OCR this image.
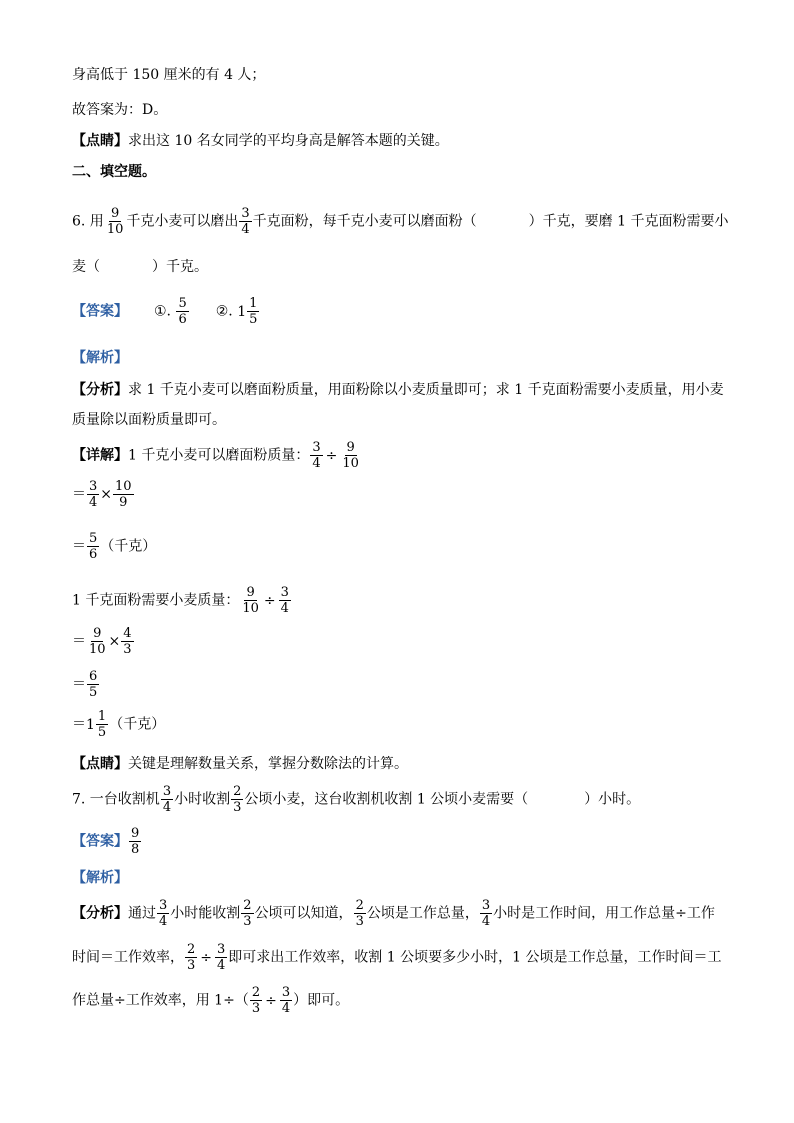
身高低于 150 厘米的有 4 人；
故答案为：D。
【点睛】求出这 10 名女同学的平均身高是解答本题的关键。
二、填空题。
6. 用 $\frac{9}{10}$ 千克小麦可以磨出 $\frac{3}{4}$ 千克面粉，每千克小麦可以磨面粉（	）千克，要磨 1 千克面粉需要小
麦（	）千克。
【答案】 ①. $\frac{5}{6}$ ②. $1 \frac{1}{5}$
【解析】
【分析】求 1 千克小麦可以磨面粉质量，用面粉除以小麦质量即可；求 1 千克面粉需要小麦质量，用小麦
质量除以面粉质量即可。
【详解】1 千克小麦可以磨面粉质量： $\frac{3}{4} \div \frac{9}{10}$
＝ $\frac{3}{4} \times \frac{10}{9}$
＝ $\frac{5}{6}$ （千克）
1 千克面粉需要小麦质量： $\frac{9}{10} \div \frac{3}{4}$
＝ $\frac{9}{10} \times \frac{4}{3}$
＝ $\frac{6}{5}$
＝ $1 \frac{1}{5}$ （千克）
【点睛】关键是理解数量关系，掌握分数除法的计算。
7. 一台收割机 $\frac{3}{4}$ 小时收割 $\frac{2}{3}$ 公顷小麦，这台收割机收割 1 公顷小麦需要（	）小时。
【答案】 $\frac{9}{8}$
【解析】
【分析】通过 $\frac{3}{4}$ 小时能收割 $\frac{2}{3}$ 公顷可以知道， $\frac{2}{3}$ 公顷是工作总量， $\frac{3}{4}$ 小时是工作时间，用工作总量÷工作
时间＝工作效率， $\frac{2}{3} \div \frac{3}{4}$ 即可求出工作效率，收割 1 公顷要多少小时，1 公顷是工作总量，工作时间＝工
作总量÷工作效率，用 $1\div( \frac{2}{3} \div \frac{3}{4}$ ）即可。
